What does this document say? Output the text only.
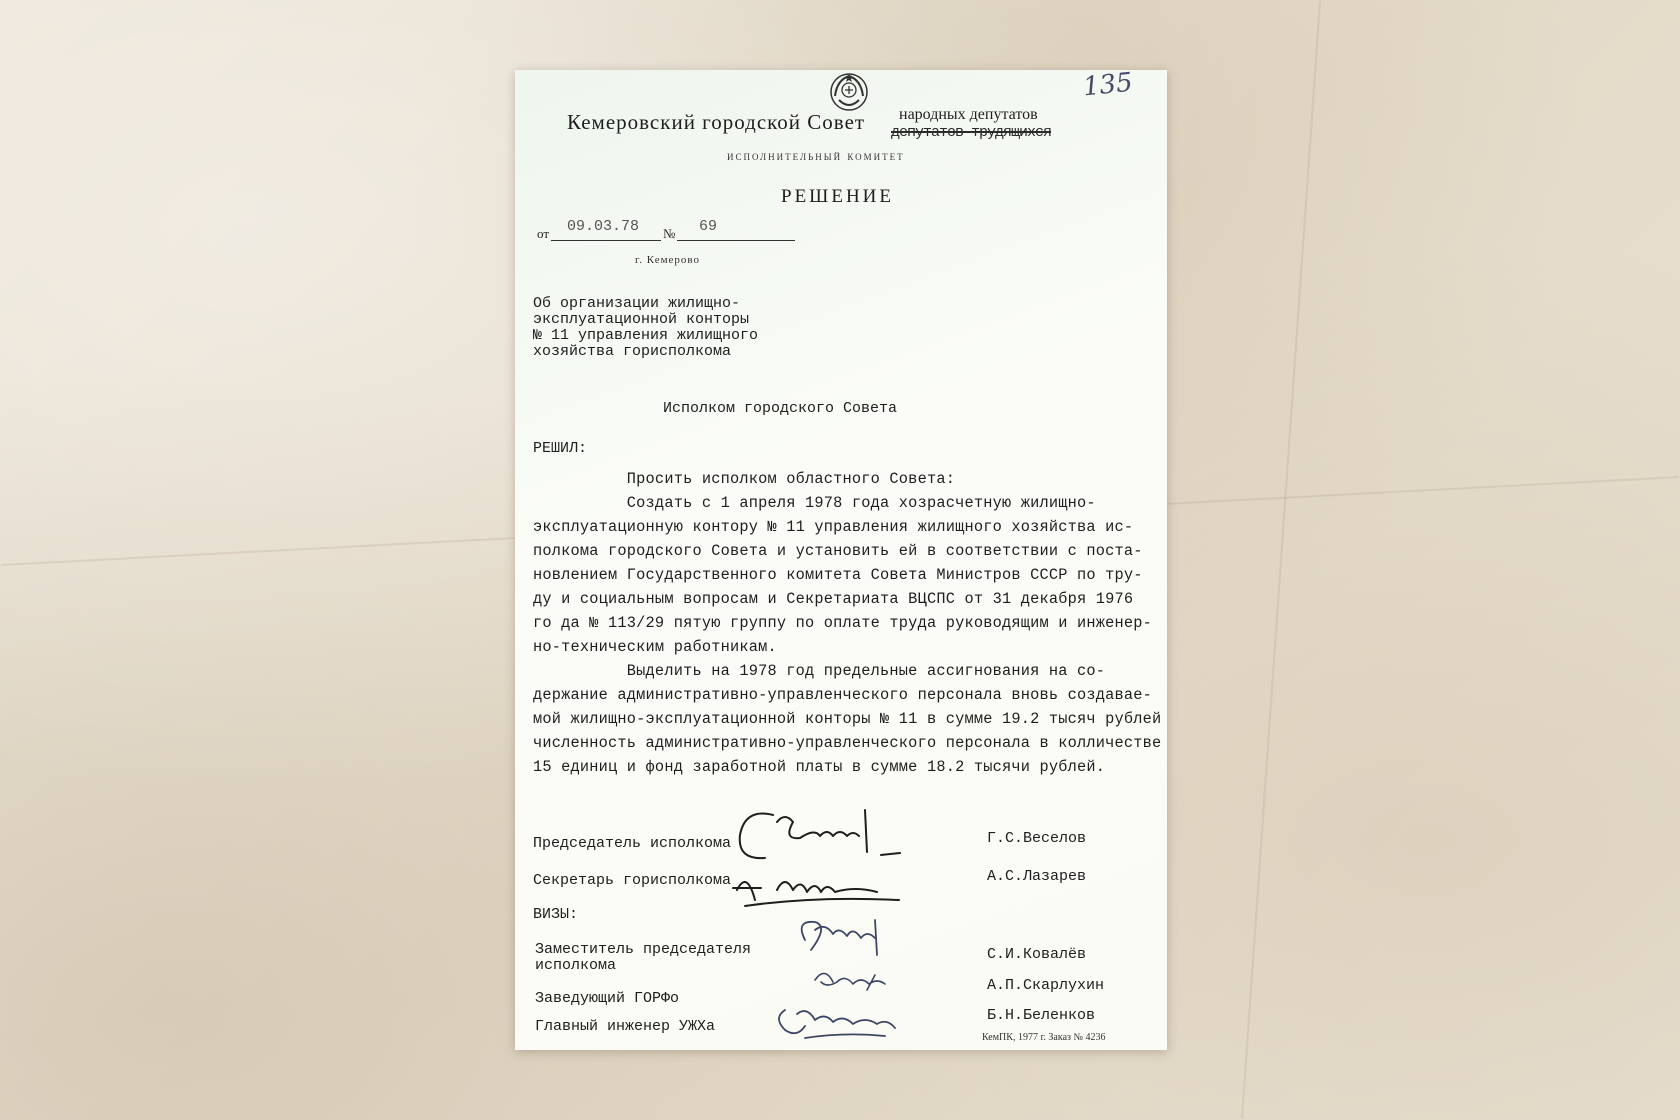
135
Кемеровский городской Совет народных депутатов
депутатов трудящихся
исполнительный комитет
РЕШЕНИЕ
от 09.03.78 № 69
г. Кемерово
Об организации жилищно-
эксплуатационной конторы
№ 11 управления жилищного
хозяйства горисполкома
Исполком городского Совета
РЕШИЛ:
Просить исполком областного Совета:
Создать с 1 апреля 1978 года хозрасчетную жилищно-
эксплуатационную контору № 11 управления жилищного хозяйства ис-
полкома городского Совета и установить ей в соответствии с поста-
новлением Государственного комитета Совета Министров СССР по тру-
ду и социальным вопросам и Секретариата ВЦСПС от 31 декабря 1976
го да № 113/29 пятую группу по оплате труда руководящим и инженер-
но-техническим работникам.
Выделить на 1978 год предельные ассигнования на со-
держание административно-управленческого персонала вновь создавае-
мой жилищно-эксплуатационной конторы № 11 в сумме 19.2 тысяч рублей
численность административно-управленческого персонала в колличестве
15 единиц и фонд заработной платы в сумме 18.2 тысячи рублей.
Председатель исполкома	Г.С.Веселов
Секретарь горисполкома	А.С.Лазарев
ВИЗЫ:
Заместитель председателя
исполкома
С.И.Ковалёв
Заведующий ГОРФо
А.П.Скарлухин
Главный инженер УЖХа
Б.Н.Беленков
КемПК, 1977 г. Заказ № 4236
